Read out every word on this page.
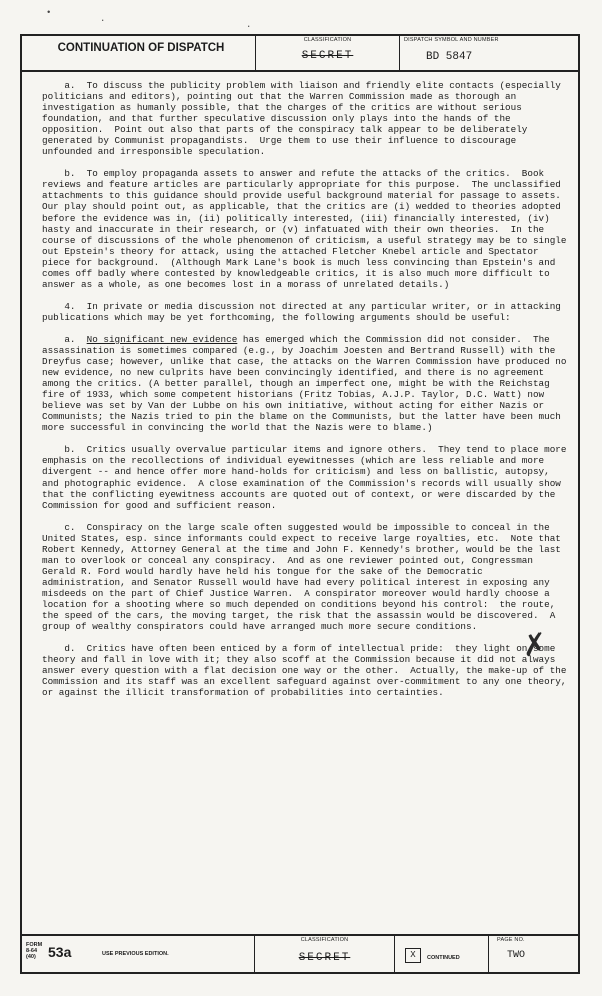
•
.
·
CONTINUATION OF DISPATCH
CLASSIFICATION
SECRET
DISPATCH SYMBOL AND NUMBER
BD 5847

a.  To discuss the publicity problem with liaison and friendly elite contacts (especially politicians and editors), pointing out that the Warren Commission made as thorough an investigation as humanly possible, that the charges of the critics are without serious foundation, and that further speculative discussion only plays into the hands of the opposition.  Point out also that parts of the conspiracy talk appear to be deliberately generated by Communist propagandists.  Urge them to use their influence to discourage unfounded and irresponsible speculation.

b.  To employ propaganda assets to answer and refute the attacks of the critics.  Book reviews and feature articles are particularly appropriate for this purpose.  The unclassified attachments to this guidance should provide useful background material for passage to assets.  Our play should point out, as applicable, that the critics are (i) wedded to theories adopted before the evidence was in, (ii) politically interested, (iii) financially interested, (iv) hasty and inaccurate in their research, or (v) infatuated with their own theories.  In the course of discussions of the whole phenomenon of criticism, a useful strategy may be to single out Epstein's theory for attack, using the attached Fletcher Knebel article and Spectator piece for background.  (Although Mark Lane's book is much less convincing than Epstein's and comes off badly where contested by knowledgeable critics, it is also much more difficult to answer as a whole, as one becomes lost in a morass of unrelated details.)

4.  In private or media discussion not directed at any particular writer, or in attacking publications which may be yet forthcoming, the following arguments should be useful:

a.  No significant new evidence has emerged which the Commission did not consider.  The assassination is sometimes compared (e.g., by Joachim Joesten and Bertrand Russell) with the Dreyfus case; however, unlike that case, the attacks on the Warren Commission have produced no new evidence, no new culprits have been convincingly identified, and there is no agreement among the critics. (A better parallel, though an imperfect one, might be with the Reichstag fire of 1933, which some competent historians (Fritz Tobias, A.J.P. Taylor, D.C. Watt) now believe was set by Van der Lubbe on his own initiative, without acting for either Nazis or Communists; the Nazis tried to pin the blame on the Communists, but the latter have been much more successful in convincing the world that the Nazis were to blame.)

b.  Critics usually overvalue particular items and ignore others.  They tend to place more emphasis on the recollections of individual eyewitnesses (which are less reliable and more divergent -- and hence offer more hand-holds for criticism) and less on ballistic, autopsy, and photographic evidence.  A close examination of the Commission's records will usually show that the conflicting eyewitness accounts are quoted out of context, or were discarded by the Commission for good and sufficient reason.

c.  Conspiracy on the large scale often suggested would be impossible to conceal in the United States, esp. since informants could expect to receive large royalties, etc.  Note that Robert Kennedy, Attorney General at the time and John F. Kennedy's brother, would be the last man to overlook or conceal any conspiracy.  And as one reviewer pointed out, Congressman Gerald R. Ford would hardly have held his tongue for the sake of the Democratic administration, and Senator Russell would have had every political interest in exposing any misdeeds on the part of Chief Justice Warren.  A conspirator moreover would hardly choose a location for a shooting where so much depended on conditions beyond his control:  the route, the speed of the cars, the moving target, the risk that the assassin would be discovered.  A group of wealthy conspirators could have arranged much more secure conditions.

d.  Critics have often been enticed by a form of intellectual pride:  they light on some theory and fall in love with it; they also scoff at the Commission because it did not always answer every question with a flat decision one way or the other.  Actually, the make-up of the Commission and its staff was an excellent safeguard against over-commitment to any one theory, or against the illicit transformation of probabilities into certainties.

FORM
8-64
(40) 53a	USE PREVIOUS EDITION.
CLASSIFICATION
SECRET	X	CONTINUED
PAGE NO.
TWO
✗
